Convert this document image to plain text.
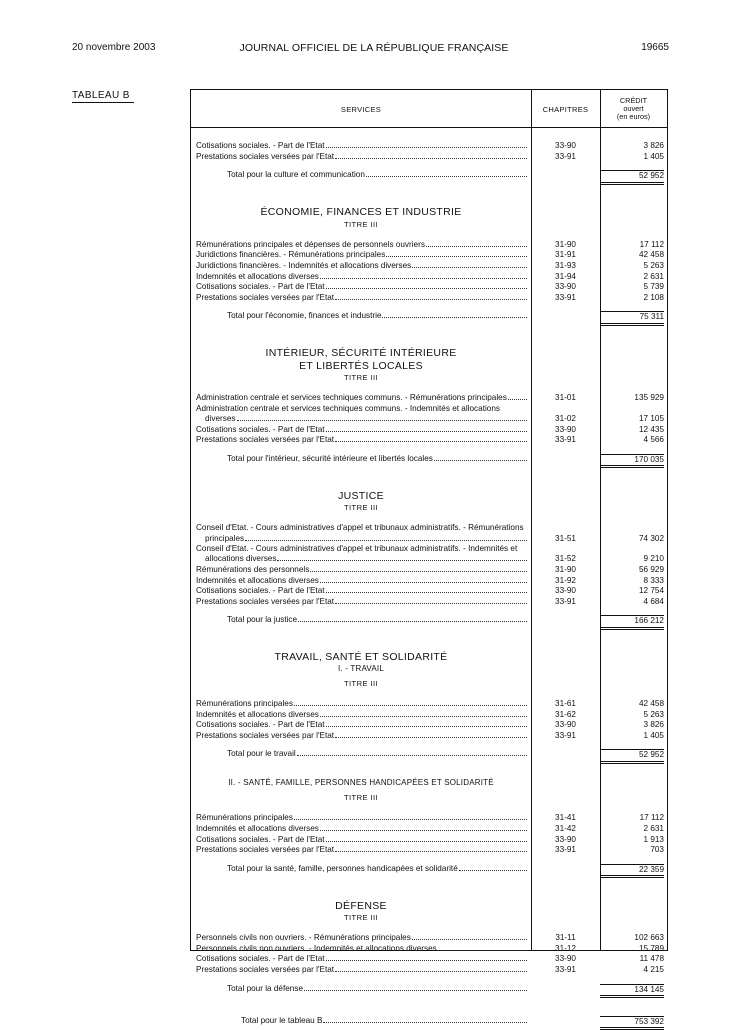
20 novembre 2003	JOURNAL OFFICIEL DE LA RÉPUBLIQUE FRANÇAISE	19665
TABLEAU B
SERVICES	CHAPITRES
CRÉDIT
ouvert
(en euros)
Cotisations sociales. - Part de l'Etat	33-90	3 826
Prestations sociales versées par l'Etat	33-91	1 405
Total pour la culture et communication	52 952
ÉCONOMIE, FINANCES ET INDUSTRIE
TITRE III
Rémunérations principales et dépenses de personnels ouvriers	31-90	17 112
Juridictions financières. - Rémunérations principales	31-91	42 458
Juridictions financières. - Indemnités et allocations diverses	31-93	5 263
Indemnités et allocations diverses	31-94	2 631
Cotisations sociales. - Part de l'Etat	33-90	5 739
Prestations sociales versées par l'Etat	33-91	2 108
Total pour l'économie, finances et industrie	75 311
INTÉRIEUR, SÉCURITÉ INTÉRIEURE
ET LIBERTÉS LOCALES
TITRE III
Administration centrale et services techniques communs. - Rémunérations principales	31-01	135 929
Administration centrale et services techniques communs. - Indemnités et allocations
diverses	31-02	17 105
Cotisations sociales. - Part de l'Etat	33-90	12 435
Prestations sociales versées par l'Etat	33-91	4 566
Total pour l'intérieur, sécurité intérieure et libertés locales	170 035
JUSTICE
TITRE III
Conseil d'Etat. - Cours administratives d'appel et tribunaux administratifs. - Rémunérations
principales	31-51	74 302
Conseil d'Etat. - Cours administratives d'appel et tribunaux administratifs. - Indemnités et
allocations diverses	31-52	9 210
Rémunérations des personnels	31-90	56 929
Indemnités et allocations diverses	31-92	8 333
Cotisations sociales. - Part de l'Etat	33-90	12 754
Prestations sociales versées par l'Etat	33-91	4 684
Total pour la justice	166 212
TRAVAIL, SANTÉ ET SOLIDARITÉ
I. - TRAVAIL
TITRE III
Rémunérations principales	31-61	42 458
Indemnités et allocations diverses	31-62	5 263
Cotisations sociales. - Part de l'Etat	33-90	3 826
Prestations sociales versées par l'Etat	33-91	1 405
Total pour le travail	52 952
II. - SANTÉ, FAMILLE, PERSONNES HANDICAPÉES ET SOLIDARITÉ
TITRE III
Rémunérations principales	31-41	17 112
Indemnités et allocations diverses	31-42	2 631
Cotisations sociales. - Part de l'Etat	33-90	1 913
Prestations sociales versées par l'Etat	33-91	703
Total pour la santé, famille, personnes handicapées et solidarité	22 359
DÉFENSE
TITRE III
Personnels civils non ouvriers. - Rémunérations principales	31-11	102 663
Personnels civils non ouvriers. - Indemnités et allocations diverses	31-12	15 789
Cotisations sociales. - Part de l'Etat	33-90	11 478
Prestations sociales versées par l'Etat	33-91	4 215
Total pour la défense	134 145
Total pour le tableau B	753 392
